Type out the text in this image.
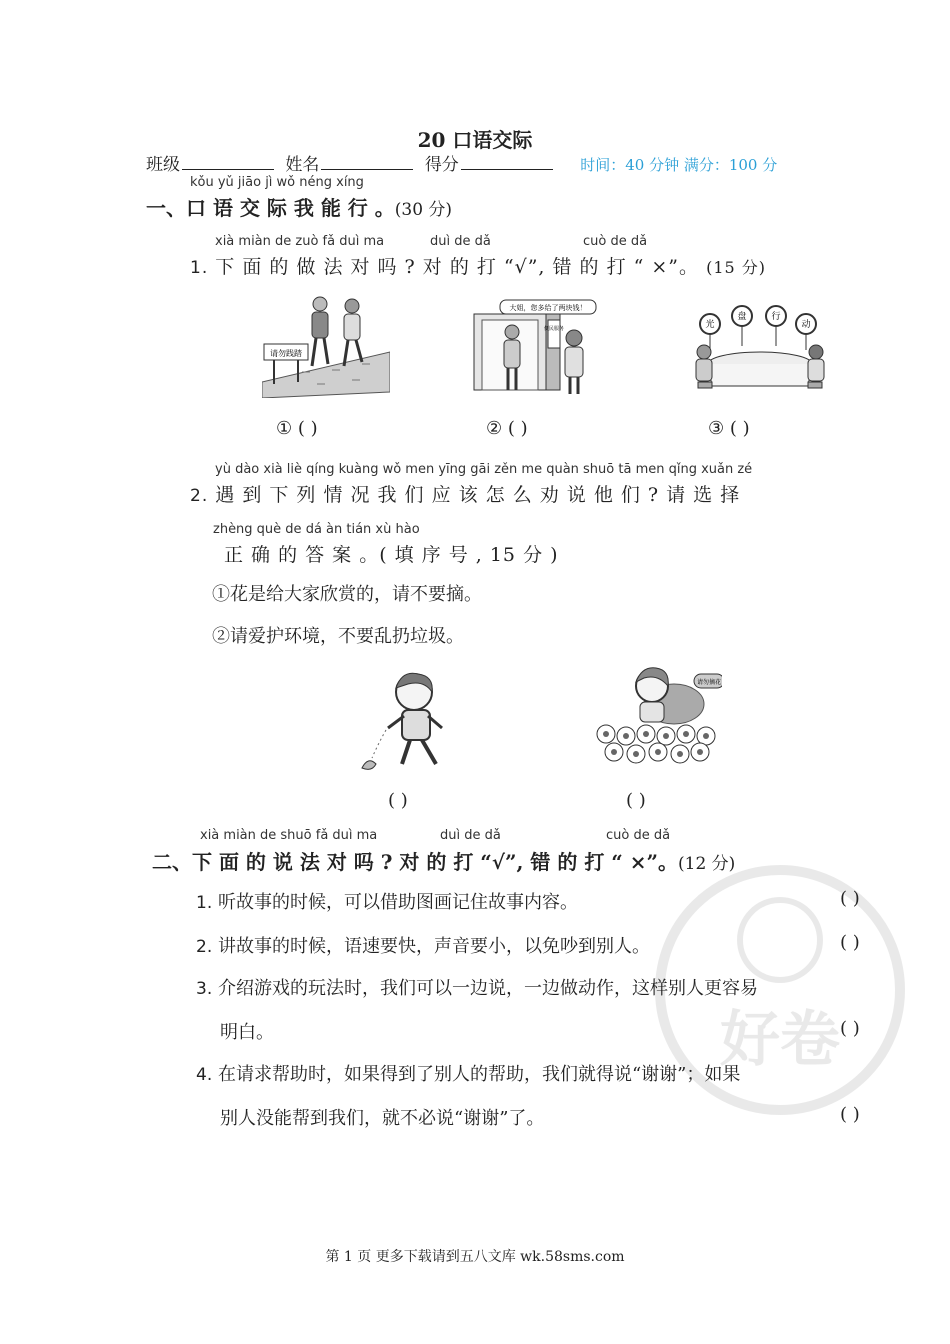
20 口语交际
班级	姓名	得分	时间：40 分钟 满分：100 分
kǒu yǔ jiāo jì wǒ néng xíng
一、口 语 交 际 我 能 行 。(30 分)
xià miàn de zuò fǎ duì ma	duì de dǎ	cuò de dǎ
1. 下 面 的 做 法 对 吗 ? 对 的 打 “√”, 错 的 打 “ ×”。 (15 分)
请勿践踏
大姐，您多给了两块钱！
便民服务	光
盘	行
动
① ( )	② ( )	③ ( )
yù dào xià liè qíng kuàng wǒ men yīng gāi zěn me quàn shuō tā men qǐng xuǎn zé
2. 遇 到 下 列 情 况 我 们 应 该 怎 么 劝 说 他 们 ? 请 选 择
zhèng què de dá àn tián xù hào
正 确 的 答 案 。( 填 序 号 , 15 分 )
①花是给大家欣赏的，请不要摘。
②请爱护环境，不要乱扔垃圾。
请勿摘花
( )	( )
xià miàn de shuō fǎ duì ma	duì de dǎ	cuò de dǎ
二、下 面 的 说 法 对 吗 ? 对 的 打 “√”, 错 的 打 “ ×”。(12 分)
好卷
1. 听故事的时候，可以借助图画记住故事内容。	( )
2. 讲故事的时候，语速要快，声音要小，以免吵到别人。	( )
3. 介绍游戏的玩法时，我们可以一边说，一边做动作，这样别人更容易
明白。	( )
4. 在请求帮助时，如果得到了别人的帮助，我们就得说“谢谢”；如果
别人没能帮到我们，就不必说“谢谢”了。	( )
第 1 页 更多下载请到五八文库 wk.58sms.com
